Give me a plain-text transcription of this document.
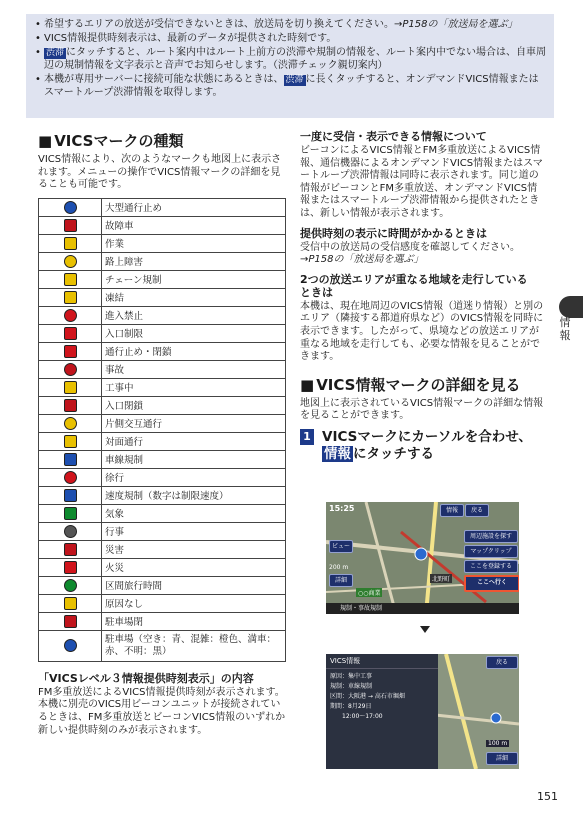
• 希望するエリアの放送が受信できないときは、放送局を切り換えてください。→P158の「放送局を選ぶ」
• VICS情報提供時刻表示は、最新のデータが提供された時刻です。
• 渋滞 にタッチすると、ルート案内中はルート上前方の渋滞や規制の情報を、ルート案内中でない場合は、自車周辺の規制情報を文字表示と音声でお知らせします。（渋滞チェック親切案内）
• 本機が専用サーバーに接続可能な状態にあるときは、 渋滞 に長くタッチすると、オンデマンドVICS情報またはスマートループ渋滞情報を取得します。
■ VICSマークの種類
VICS情報により、次のようなマークも地図上に表示されます。メニューの操作でVICS情報マークの詳細を見ることも可能です。
	大型通行止め
	故障車
	作業
	路上障害
	チェーン規制
	凍結
	進入禁止
	入口制限
	通行止め・閉鎖
	事故
	工事中
	入口閉鎖
	片側交互通行
	対面通行
	車線規制
	徐行
	速度規制（数字は制限速度）
	気象
	行事
	災害
	火災
	区間旅行時間
	原因なし
	駐車場閉
	駐車場（空き：青、混雑：橙色、満車：赤、不明：黒）
「VICSレベル３情報提供時刻表示」の内容
FM多重放送によるVICS情報提供時刻が表示されます。本機に別売のVICS用ビーコンユニットが接続されているときは、FM多重放送とビーコンVICS情報のいずれか新しい提供時刻のみが表示されます。
一度に受信・表示できる情報について
ビーコンによるVICS情報とFM多重放送によるVICS情報、通信機器によるオンデマンドVICS情報またはスマートループ渋滞情報は同時に表示されます。同じ道の情報がビーコンとFM多重放送、オンデマンドVICS情報またはスマートループ渋滞情報から提供されたときは、新しい情報が表示されます。
提供時刻の表示に時間がかかるときは
受信中の放送局の受信感度を確認してください。
→P158の「放送局を選ぶ」
2つの放送エリアが重なる地域を走行しているときは
本機は、現在地周辺のVICS情報（道迷り情報）と別のエリア（隣接する都道府県など）のVICS情報を同時に表示できます。したがって、県境などの放送エリアが重なる地域を走行しても、必要な情報を見ることができます。
■ VICS情報マークの詳細を見る
地図上に表示されているVICS情報マークの詳細な情報を見ることができます。
1 VICSマークにカーソルを合わせ、
情報 にタッチする
15:25	情報	戻る
周辺施設を探す
マップクリップ
ここを登録する
ここへ行く
ビュー
詳細
200 m
○○商業
北野町
規制・事故規制
VICS情報
原因：集中工事
規制：車線規制
区間：大阪港 → 高石市堀畑
期間：8月29日
12:00〜17:00
戻る
100 m
詳細
情報
151
